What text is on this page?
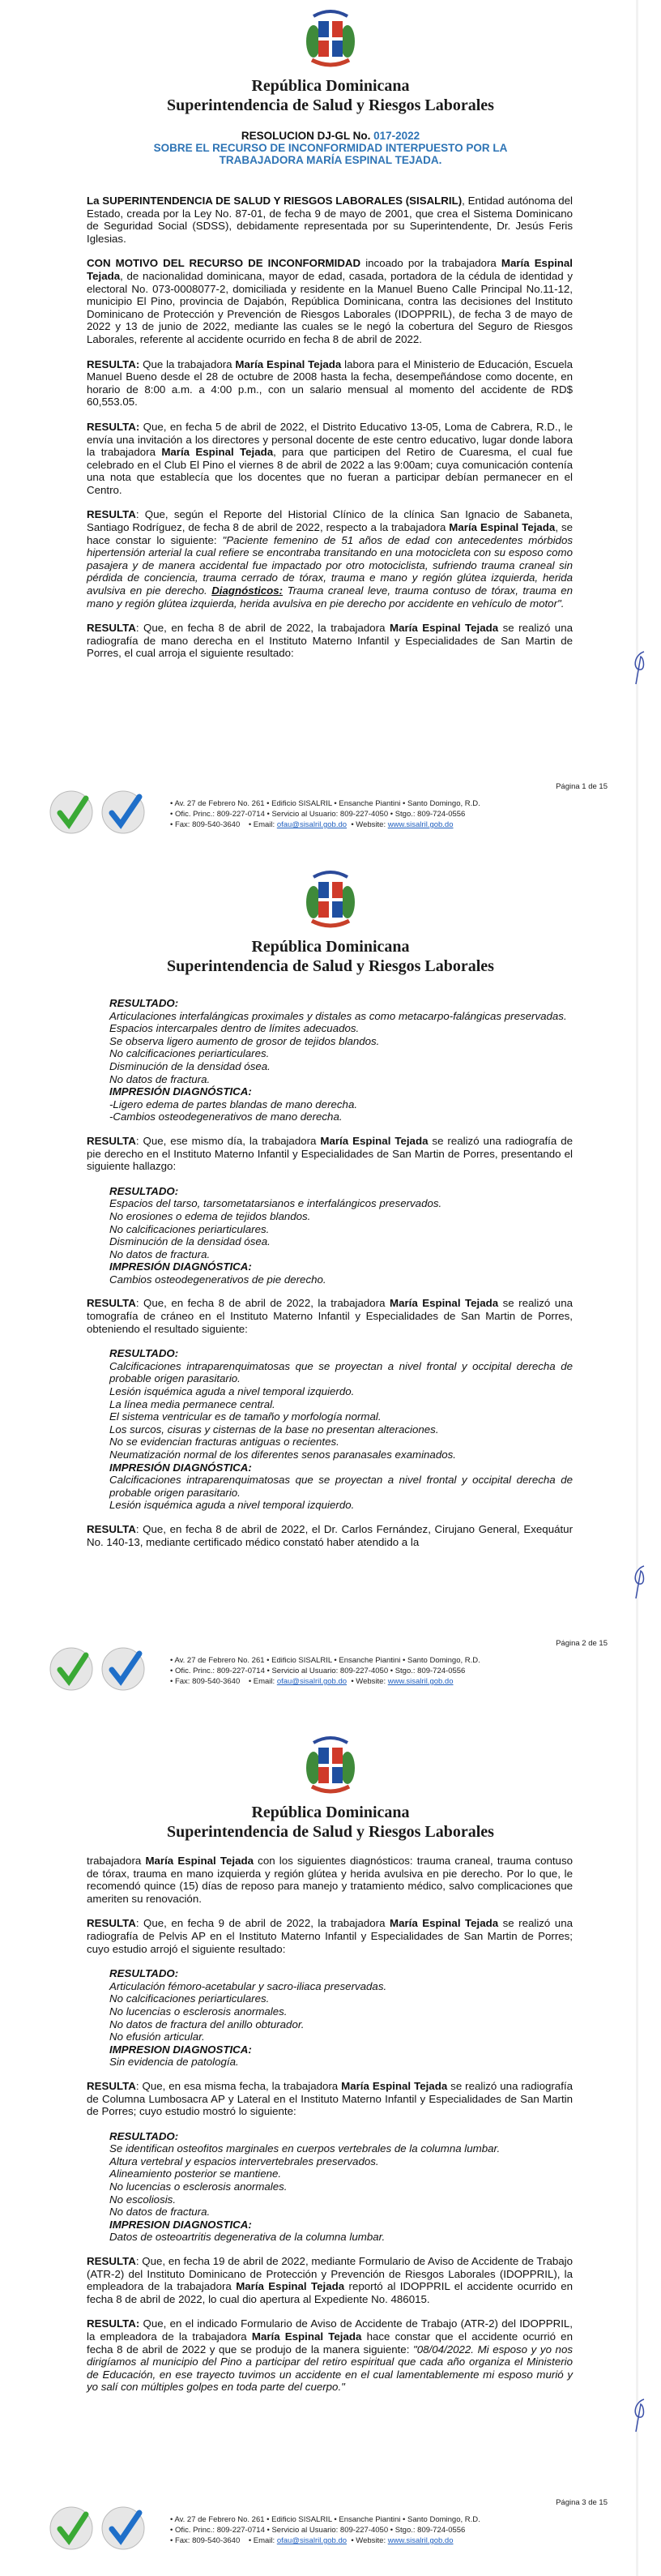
República Dominicana
Superintendencia de Salud y Riesgos Laborales
RESOLUCION DJ-GL No. 017-2022
SOBRE EL RECURSO DE INCONFORMIDAD INTERPUESTO POR LA
TRABAJADORA MARÍA ESPINAL TEJADA.

La SUPERINTENDENCIA DE SALUD Y RIESGOS LABORALES (SISALRIL), Entidad autónoma del Estado, creada por la Ley No. 87-01, de fecha 9 de mayo de 2001, que crea el Sistema Dominicano de Seguridad Social (SDSS), debidamente representada por su Superintendente, Dr. Jesús Feris Iglesias.

CON MOTIVO DEL RECURSO DE INCONFORMIDAD incoado por la trabajadora María Espinal Tejada, de nacionalidad dominicana, mayor de edad, casada, portadora de la cédula de identidad y electoral No. 073-0008077-2, domiciliada y residente en la Manuel Bueno Calle Principal No.11-12, municipio El Pino, provincia de Dajabón, República Dominicana, contra las decisiones del Instituto Dominicano de Protección y Prevención de Riesgos Laborales (IDOPPRIL), de fecha 3 de mayo de 2022 y 13 de junio de 2022, mediante las cuales se le negó la cobertura del Seguro de Riesgos Laborales, referente al accidente ocurrido en fecha 8 de abril de 2022.

RESULTA: Que la trabajadora María Espinal Tejada labora para el Ministerio de Educación, Escuela Manuel Bueno desde el 28 de octubre de 2008 hasta la fecha, desempeñándose como docente, en horario de 8:00 a.m. a 4:00 p.m., con un salario mensual al momento del accidente de RD$ 60,553.05.

RESULTA: Que, en fecha 5 de abril de 2022, el Distrito Educativo 13-05, Loma de Cabrera, R.D., le envía una invitación a los directores y personal docente de este centro educativo, lugar donde labora la trabajadora María Espinal Tejada, para que participen del Retiro de Cuaresma, el cual fue celebrado en el Club El Pino el viernes 8 de abril de 2022 a las 9:00am; cuya comunicación contenía una nota que establecía que los docentes que no fueran a participar debían permanecer en el Centro.

RESULTA: Que, según el Reporte del Historial Clínico de la clínica San Ignacio de Sabaneta, Santiago Rodríguez, de fecha 8 de abril de 2022, respecto a la trabajadora María Espinal Tejada, se hace constar lo siguiente: "Paciente femenino de 51 años de edad con antecedentes mórbidos hipertensión arterial la cual refiere se encontraba transitando en una motocicleta con su esposo como pasajera y de manera accidental fue impactado por otro motociclista, sufriendo trauma craneal sin pérdida de conciencia, trauma cerrado de tórax, trauma e mano y región glútea izquierda, herida avulsiva en pie derecho. Diagnósticos: Trauma craneal leve, trauma contuso de tórax, trauma en mano y región glútea izquierda, herida avulsiva en pie derecho por accidente en vehículo de motor".

RESULTA: Que, en fecha 8 de abril de 2022, la trabajadora María Espinal Tejada se realizó una radiografía de mano derecha en el Instituto Materno Infantil y Especialidades de San Martin de Porres, el cual arroja el siguiente resultado:

Página 1 de 15
• Av. 27 de Febrero No. 261 • Edificio SISALRIL • Ensanche Piantini • Santo Domingo, R.D.
• Ofic. Princ.: 809-227-0714 • Servicio al Usuario: 809-227-4050 • Stgo.: 809-724-0556
• Fax: 809-540-3640 • Email: ofau@sisalril.gob.do • Website: www.sisalril.gob.do
República Dominicana
Superintendencia de Salud y Riesgos Laborales

RESULTADO:
Articulaciones interfalángicas proximales y distales as como metacarpo-falángicas preservadas.
Espacios intercarpales dentro de límites adecuados.
Se observa ligero aumento de grosor de tejidos blandos.
No calcificaciones periarticulares.
Disminución de la densidad ósea.
No datos de fractura.
IMPRESIÓN DIAGNÓSTICA:
-Ligero edema de partes blandas de mano derecha.
-Cambios osteodegenerativos de mano derecha.

RESULTA: Que, ese mismo día, la trabajadora María Espinal Tejada se realizó una radiografía de pie derecho en el Instituto Materno Infantil y Especialidades de San Martin de Porres, presentando el siguiente hallazgo:

RESULTADO:
Espacios del tarso, tarsometatarsianos e interfalángicos preservados.
No erosiones o edema de tejidos blandos.
No calcificaciones periarticulares.
Disminución de la densidad ósea.
No datos de fractura.
IMPRESIÓN DIAGNÓSTICA:
Cambios osteodegenerativos de pie derecho.

RESULTA: Que, en fecha 8 de abril de 2022, la trabajadora María Espinal Tejada se realizó una tomografía de cráneo en el Instituto Materno Infantil y Especialidades de San Martin de Porres, obteniendo el resultado siguiente:

RESULTADO:
Calcificaciones intraparenquimatosas que se proyectan a nivel frontal y occipital derecha de probable origen parasitario.
Lesión isquémica aguda a nivel temporal izquierdo.
La línea media permanece central.
El sistema ventricular es de tamaño y morfología normal.
Los surcos, cisuras y cisternas de la base no presentan alteraciones.
No se evidencian fracturas antiguas o recientes.
Neumatización normal de los diferentes senos paranasales examinados.
IMPRESIÓN DIAGNÓSTICA:
Calcificaciones intraparenquimatosas que se proyectan a nivel frontal y occipital derecha de probable origen parasitario.
Lesión isquémica aguda a nivel temporal izquierdo.

RESULTA: Que, en fecha 8 de abril de 2022, el Dr. Carlos Fernández, Cirujano General, Exequátur No. 140-13, mediante certificado médico constató haber atendido a la

Página 2 de 15
• Av. 27 de Febrero No. 261 • Edificio SISALRIL • Ensanche Piantini • Santo Domingo, R.D.
• Ofic. Princ.: 809-227-0714 • Servicio al Usuario: 809-227-4050 • Stgo.: 809-724-0556
• Fax: 809-540-3640 • Email: ofau@sisalril.gob.do • Website: www.sisalril.gob.do
República Dominicana
Superintendencia de Salud y Riesgos Laborales

trabajadora María Espinal Tejada con los siguientes diagnósticos: trauma craneal, trauma contuso de tórax, trauma en mano izquierda y región glútea y herida avulsiva en pie derecho. Por lo que, le recomendó quince (15) días de reposo para manejo y tratamiento médico, salvo complicaciones que ameriten su renovación.

RESULTA: Que, en fecha 9 de abril de 2022, la trabajadora María Espinal Tejada se realizó una radiografía de Pelvis AP en el Instituto Materno Infantil y Especialidades de San Martin de Porres; cuyo estudio arrojó el siguiente resultado:

RESULTADO:
Articulación fémoro-acetabular y sacro-iliaca preservadas.
No calcificaciones periarticulares.
No lucencias o esclerosis anormales.
No datos de fractura del anillo obturador.
No efusión articular.
IMPRESION DIAGNOSTICA:
Sin evidencia de patología.

RESULTA: Que, en esa misma fecha, la trabajadora María Espinal Tejada se realizó una radiografía de Columna Lumbosacra AP y Lateral en el Instituto Materno Infantil y Especialidades de San Martin de Porres; cuyo estudio mostró lo siguiente:

RESULTADO:
Se identifican osteofitos marginales en cuerpos vertebrales de la columna lumbar.
Altura vertebral y espacios intervertebrales preservados.
Alineamiento posterior se mantiene.
No lucencias o esclerosis anormales.
No escoliosis.
No datos de fractura.
IMPRESION DIAGNOSTICA:
Datos de osteoartritis degenerativa de la columna lumbar.

RESULTA: Que, en fecha 19 de abril de 2022, mediante Formulario de Aviso de Accidente de Trabajo (ATR-2) del Instituto Dominicano de Protección y Prevención de Riesgos Laborales (IDOPPRIL), la empleadora de la trabajadora María Espinal Tejada reportó al IDOPPRIL el accidente ocurrido en fecha 8 de abril de 2022, lo cual dio apertura al Expediente No. 486015.

RESULTA: Que, en el indicado Formulario de Aviso de Accidente de Trabajo (ATR-2) del IDOPPRIL, la empleadora de la trabajadora María Espinal Tejada hace constar que el accidente ocurrió en fecha 8 de abril de 2022 y que se produjo de la manera siguiente: "08/04/2022. Mi esposo y yo nos dirigíamos al municipio del Pino a participar del retiro espiritual que cada año organiza el Ministerio de Educación, en ese trayecto tuvimos un accidente en el cual lamentablemente mi esposo murió y yo salí con múltiples golpes en toda parte del cuerpo."

Página 3 de 15
• Av. 27 de Febrero No. 261 • Edificio SISALRIL • Ensanche Piantini • Santo Domingo, R.D.
• Ofic. Princ.: 809-227-0714 • Servicio al Usuario: 809-227-4050 • Stgo.: 809-724-0556
• Fax: 809-540-3640 • Email: ofau@sisalril.gob.do • Website: www.sisalril.gob.do
